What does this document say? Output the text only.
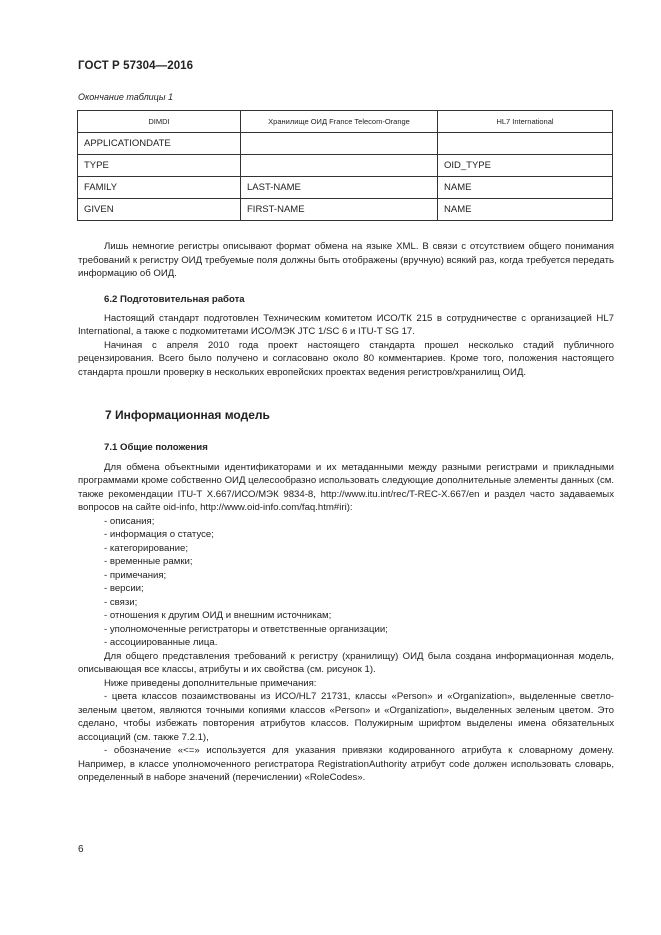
ГОСТ Р 57304—2016
Окончание таблицы 1
DIMDI	Хранилище ОИД France Telecom-Orange	HL7 International
APPLICATIONDATE		
TYPE		OID_TYPE
FAMILY	LAST-NAME	NAME
GIVEN	FIRST-NAME	NAME

Лишь немногие регистры описывают формат обмена на языке XML. В связи с отсутствием общего понимания требований к регистру ОИД требуемые поля должны быть отображены (вручную) всякий раз, когда требуется передать информацию об ОИД.

6.2 Подготовительная работа

Настоящий стандарт подготовлен Техническим комитетом ИСО/ТК 215 в сотрудничестве с организацией HL7 International, а также с подкомитетами ИСО/МЭК JTC 1/SC 6 и ITU-T SG 17.

Начиная с апреля 2010 года проект настоящего стандарта прошел несколько стадий публичного рецензирования. Всего было получено и согласовано около 80 комментариев. Кроме того, положения настоящего стандарта прошли проверку в нескольких европейских проектах ведения регистров/хранилищ ОИД.

7 Информационная модель

7.1 Общие положения

Для обмена объектными идентификаторами и их метаданными между разными регистрами и прикладными программами кроме собственно ОИД целесообразно использовать следующие дополнительные элементы данных (см. также рекомендации ITU-T X.667/ИСО/МЭК 9834-8, http://www.itu.int/rec/T-REC-X.667/en и раздел часто задаваемых вопросов на сайте oid-info, http://www.oid-info.com/faq.htm#iri):

- описания;
- информация о статусе;
- категорирование;
- временные рамки;
- примечания;
- версии;
- связи;
- отношения к другим ОИД и внешним источникам;
- уполномоченные регистраторы и ответственные организации;
- ассоциированные лица.

Для общего представления требований к регистру (хранилищу) ОИД была создана информационная модель, описывающая все классы, атрибуты и их свойства (см. рисунок 1).

Ниже приведены дополнительные примечания:

- цвета классов позаимствованы из ИСО/HL7 21731, классы «Person» и «Organization», выделенные светло-зеленым цветом, являются точными копиями классов «Person» и «Organization», выделенных зеленым цветом. Это сделано, чтобы избежать повторения атрибутов классов. Полужирным шрифтом выделены имена обязательных ассоциаций (см. также 7.2.1),

- обозначение «<=» используется для указания привязки кодированного атрибута к словарному домену. Например, в классе уполномоченного регистратора RegistrationAuthority атрибут code должен использовать словарь, определенный в наборе значений (перечислении) «RoleCodes».

6
